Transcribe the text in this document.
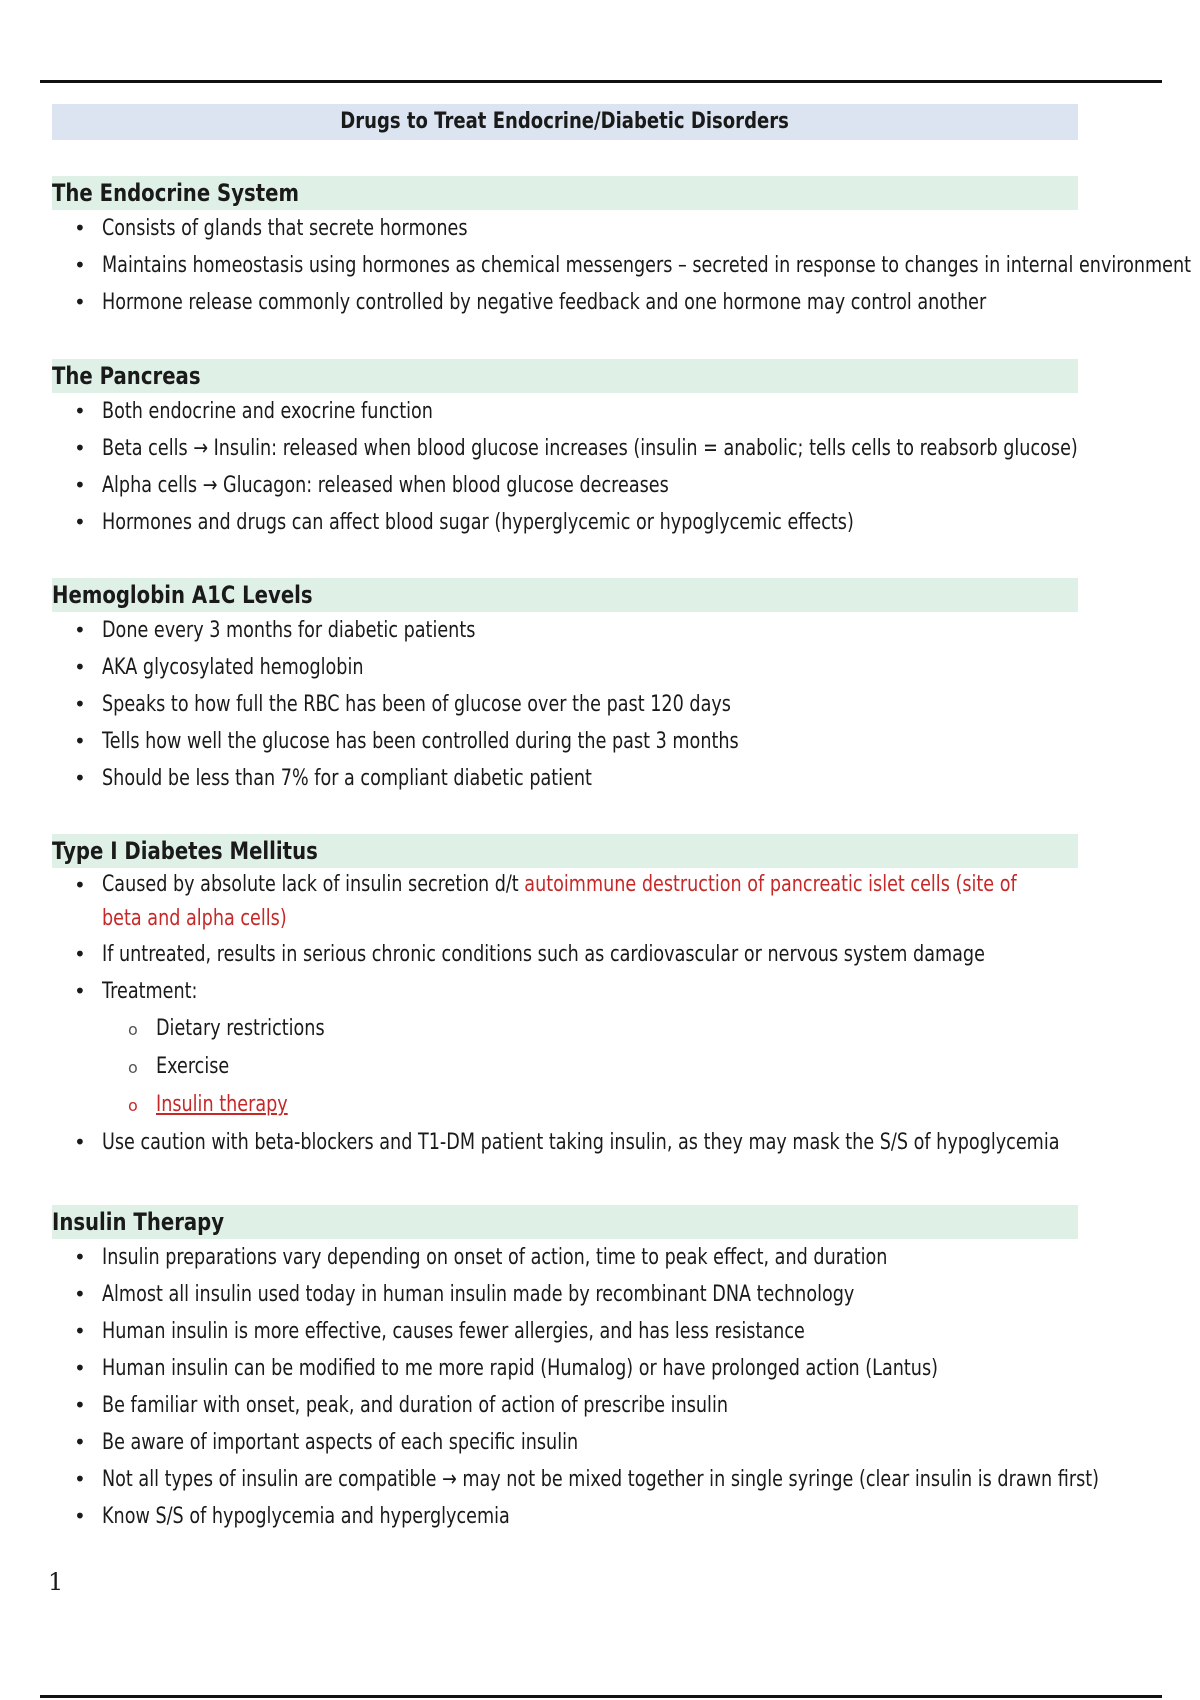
Drugs to Treat Endocrine/Diabetic Disorders
The Endocrine System
• Consists of glands that secrete hormones
• Maintains homeostasis using hormones as chemical messengers – secreted in response to changes in internal environment
• Hormone release commonly controlled by negative feedback and one hormone may control another
The Pancreas
• Both endocrine and exocrine function
• Beta cells → Insulin: released when blood glucose increases (insulin = anabolic; tells cells to reabsorb glucose)
• Alpha cells → Glucagon: released when blood glucose decreases
• Hormones and drugs can affect blood sugar (hyperglycemic or hypoglycemic effects)
Hemoglobin A1C Levels
• Done every 3 months for diabetic patients
• AKA glycosylated hemoglobin
• Speaks to how full the RBC has been of glucose over the past 120 days
• Tells how well the glucose has been controlled during the past 3 months
• Should be less than 7% for a compliant diabetic patient
Type I Diabetes Mellitus
• Caused by absolute lack of insulin secretion d/t autoimmune destruction of pancreatic islet cells (site of beta and alpha cells)
• If untreated, results in serious chronic conditions such as cardiovascular or nervous system damage
• Treatment:
o Dietary restrictions
o Exercise
o Insulin therapy
• Use caution with beta-blockers and T1-DM patient taking insulin, as they may mask the S/S of hypoglycemia
Insulin Therapy
• Insulin preparations vary depending on onset of action, time to peak effect, and duration
• Almost all insulin used today in human insulin made by recombinant DNA technology
• Human insulin is more effective, causes fewer allergies, and has less resistance
• Human insulin can be modified to me more rapid (Humalog) or have prolonged action (Lantus)
• Be familiar with onset, peak, and duration of action of prescribe insulin
• Be aware of important aspects of each specific insulin
• Not all types of insulin are compatible → may not be mixed together in single syringe (clear insulin is drawn first)
• Know S/S of hypoglycemia and hyperglycemia
1
